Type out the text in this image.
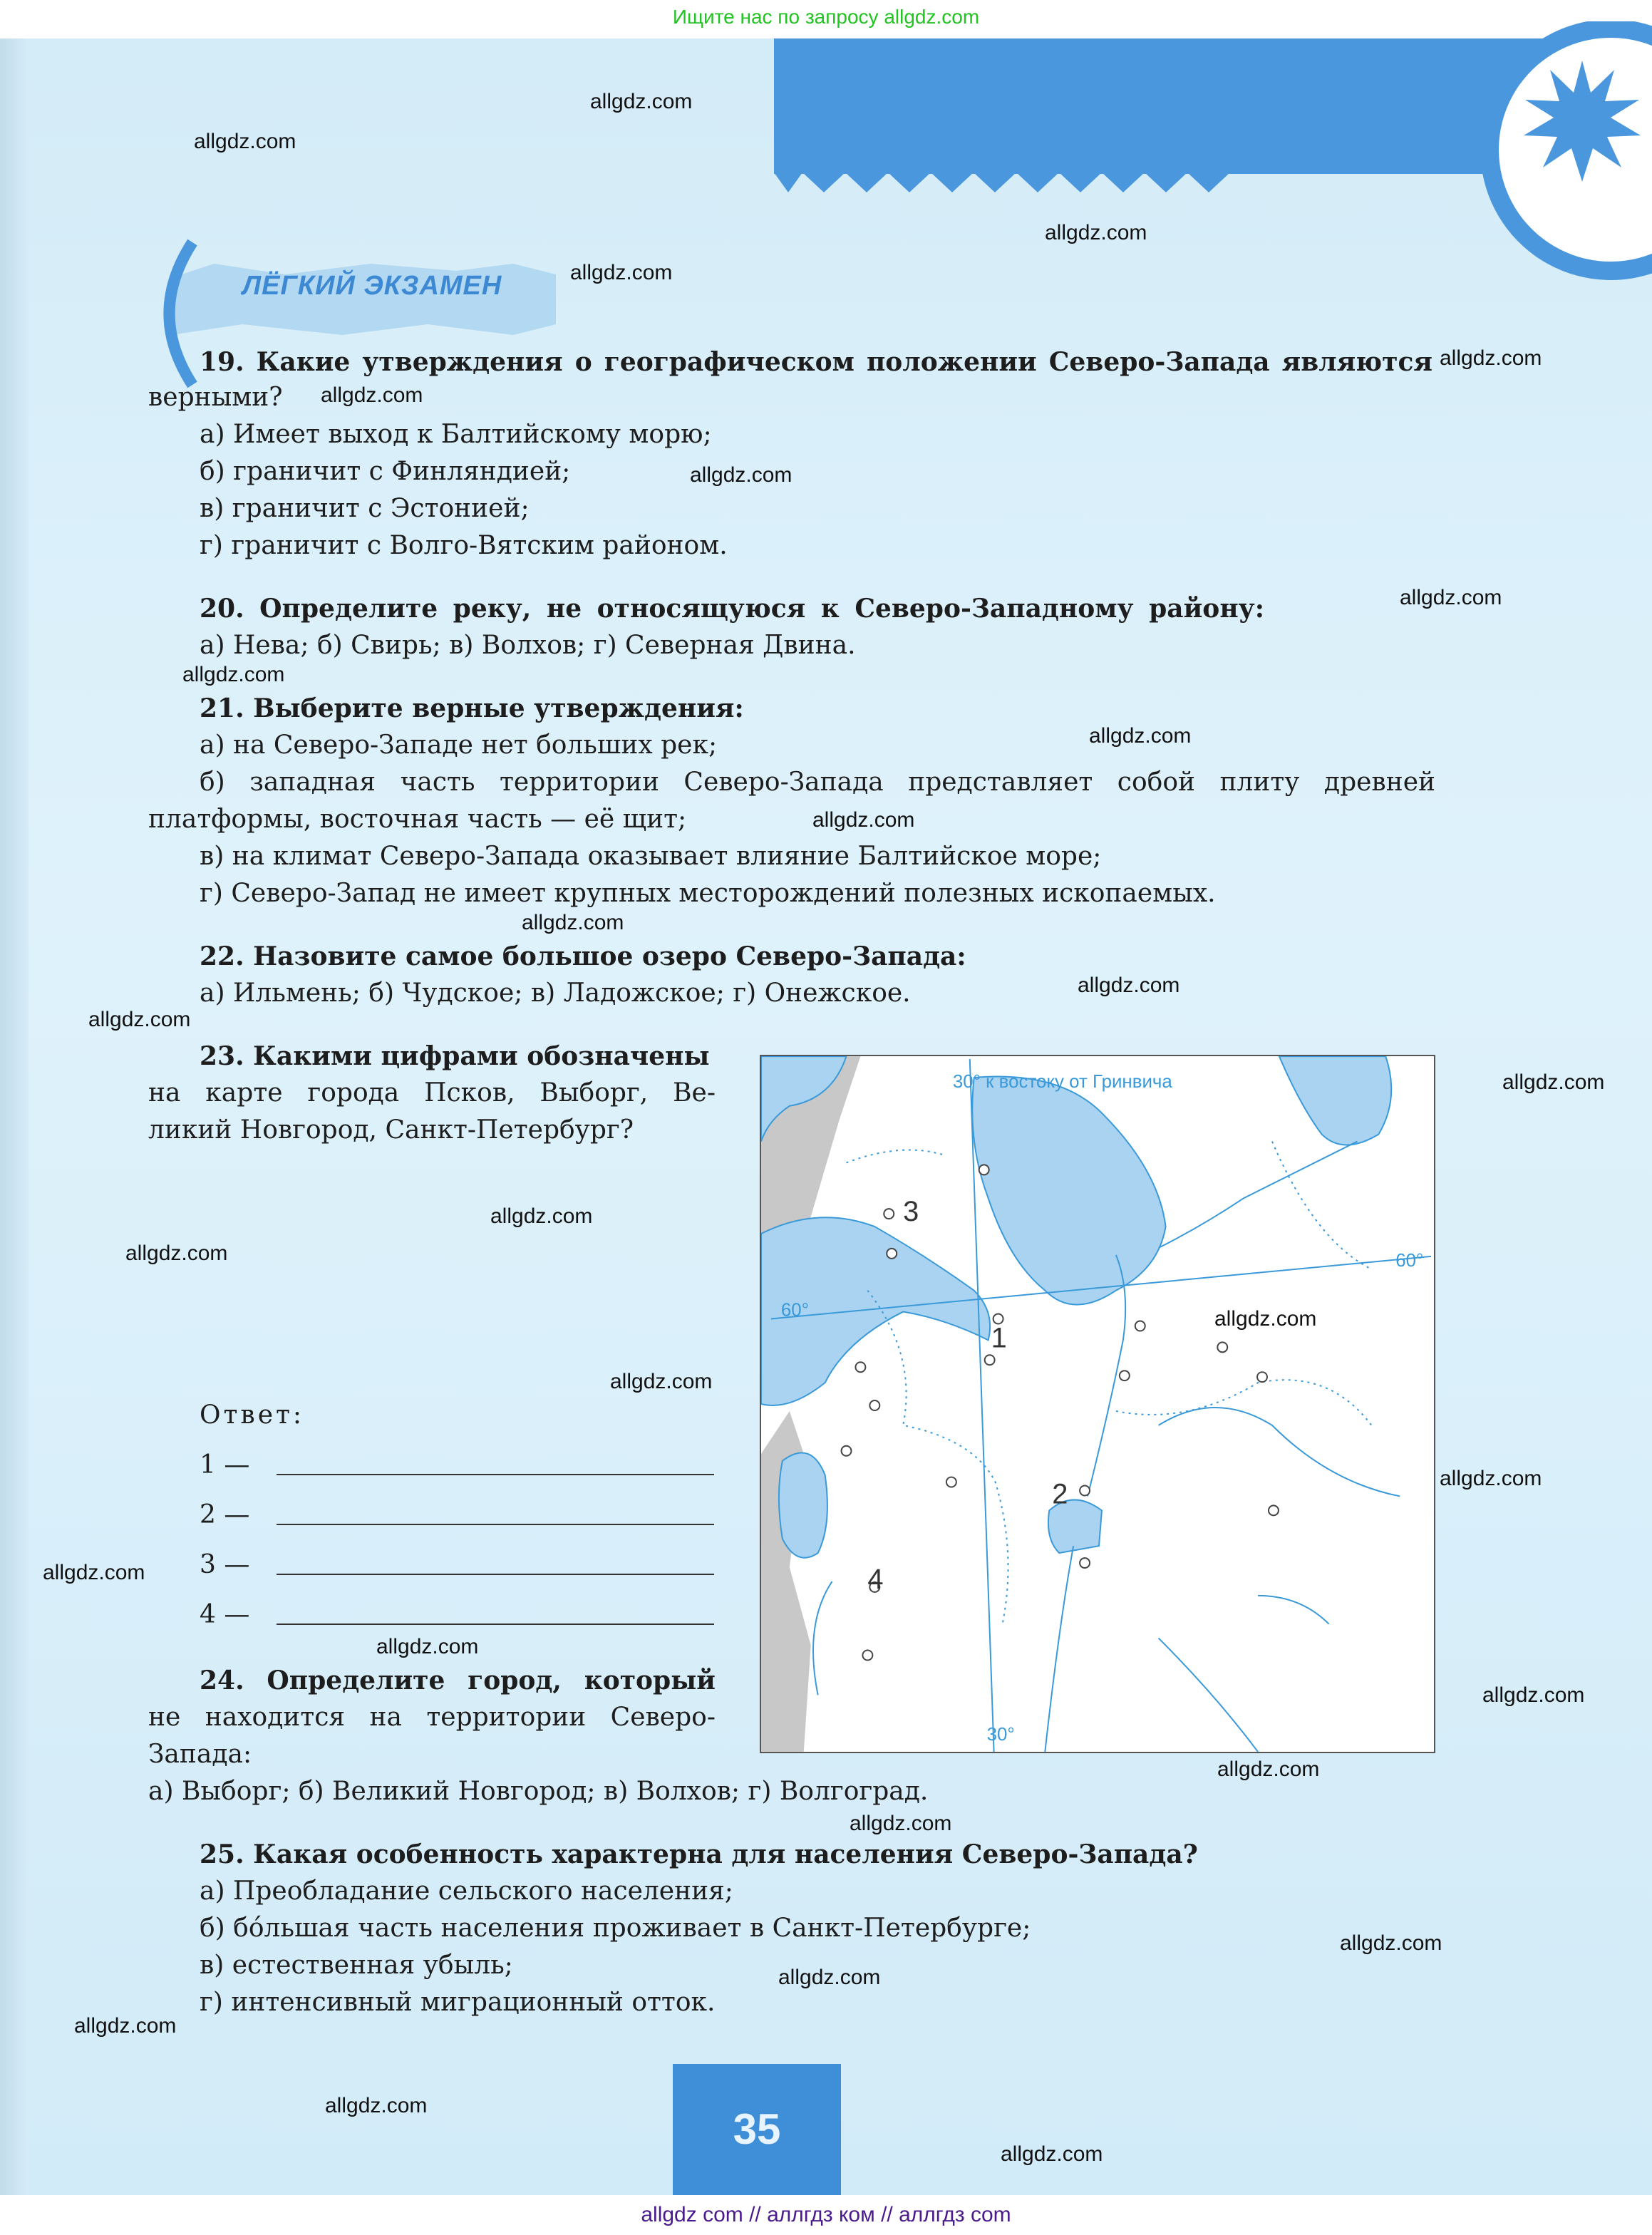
Ищите нас по запросу allgdz.com
ЛЁГКИЙ ЭКЗАМЕН
19. Какие утверждения о географическом положении Северо-Запада являются
верными?
а) Имеет выход к Балтийскому морю;
б) граничит с Финляндией;
в) граничит с Эстонией;
г) граничит с Волго-Вятским районом.
20. Определите реку, не относящуюся к Северо-Западному району:
а) Нева; б) Свирь; в) Волхов; г) Северная Двина.
21. Выберите верные утверждения:
а) на Северо-Западе нет больших рек;
б) западная часть территории Северо-Запада представляет собой плиту древней
платформы, восточная часть — её щит;
в) на климат Северо-Запада оказывает влияние Балтийское море;
г) Северо-Запад не имеет крупных месторождений полезных ископаемых.
22. Назовите самое большое озеро Северо-Запада:
а) Ильмень; б) Чудское; в) Ладожское; г) Онежское.
23. Какими цифрами обозначены
на карте города Псков, Выборг, Ве-
ликий Новгород, Санкт-Петербург?
Ответ:
1 —
2 —
3 —
4 —
24. Определите город, который
не находится на территории Северо-
Запада:
а) Выборг; б) Великий Новгород; в) Волхов; г) Волгоград.
25. Какая особенность характерна для населения Северо-Запада?
а) Преобладание сельского населения;
б) бóльшая часть населения проживает в Санкт-Петербурге;
в) естественная убыль;
г) интенсивный миграционный отток.
30° к востоку от Гринвича
60°
60°
30°
3
1
2
4
35
allgdz com // аллгдз ком // аллгдз com
allgdz.com
allgdz.com
allgdz.com
allgdz.com
allgdz.com
allgdz.com
allgdz.com
allgdz.com
allgdz.com
allgdz.com
allgdz.com
allgdz.com
allgdz.com
allgdz.com
allgdz.com
allgdz.com
allgdz.com
allgdz.com
allgdz.com
allgdz.com
allgdz.com
allgdz.com
allgdz.com
allgdz.com
allgdz.com
allgdz.com
allgdz.com
allgdz.com
allgdz.com
allgdz.com
